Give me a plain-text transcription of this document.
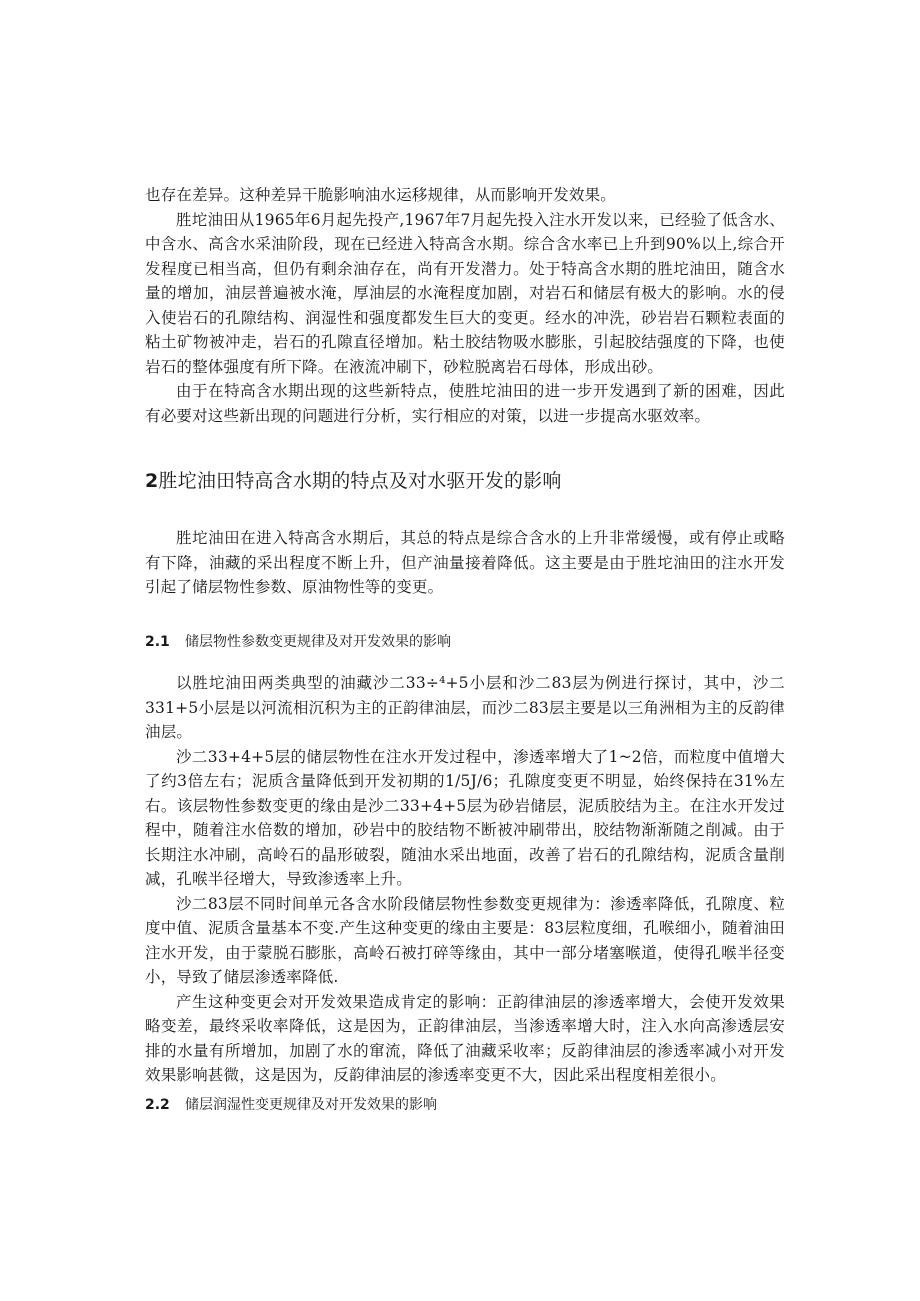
也存在差异。这种差异干脆影响油水运移规律，从而影响开发效果。

胜坨油田从1965年6月起先投产,1967年7月起先投入注水开发以来，已经验了低含水、中含水、高含水采油阶段，现在已经进入特高含水期。综合含水率已上升到90%以上,综合开发程度已相当高，但仍有剩余油存在，尚有开发潜力。处于特高含水期的胜坨油田，随含水量的增加，油层普遍被水淹，厚油层的水淹程度加剧，对岩石和储层有极大的影响。水的侵入使岩石的孔隙结构、润湿性和强度都发生巨大的变更。经水的冲洗，砂岩岩石颗粒表面的粘土矿物被冲走，岩石的孔隙直径增加。粘土胶结物吸水膨胀，引起胶结强度的下降，也使岩石的整体强度有所下降。在液流冲刷下，砂粒脱离岩石母体，形成出砂。

由于在特高含水期出现的这些新特点，使胜坨油田的进一步开发遇到了新的困难，因此有必要对这些新出现的问题进行分析，实行相应的对策，以进一步提高水驱效率。

2胜坨油田特高含水期的特点及对水驱开发的影响

胜坨油田在进入特高含水期后，其总的特点是综合含水的上升非常缓慢，或有停止或略有下降，油藏的采出程度不断上升，但产油量接着降低。这主要是由于胜坨油田的注水开发引起了储层物性参数、原油物性等的变更。

2.1	储层物性参数变更规律及对开发效果的影响

以胜坨油田两类典型的油藏沙二33÷⁴+5小层和沙二83层为例进行探讨，其中，沙二331+5小层是以河流相沉积为主的正韵律油层，而沙二83层主要是以三角洲相为主的反韵律油层。

沙二33+4+5层的储层物性在注水开发过程中，渗透率增大了1~2倍，而粒度中值增大了约3倍左右；泥质含量降低到开发初期的1/5J/6；孔隙度变更不明显，始终保持在31%左右。该层物性参数变更的缘由是沙二33+4+5层为砂岩储层，泥质胶结为主。在注水开发过程中，随着注水倍数的增加，砂岩中的胶结物不断被冲刷带出，胶结物渐渐随之削减。由于长期注水冲刷，高岭石的晶形破裂，随油水采出地面，改善了岩石的孔隙结构，泥质含量削减，孔喉半径增大，导致渗透率上升。

沙二83层不同时间单元各含水阶段储层物性参数变更规律为：渗透率降低，孔隙度、粒度中值、泥质含量基本不变.产生这种变更的缘由主要是：83层粒度细，孔喉细小，随着油田注水开发，由于蒙脱石膨胀，高岭石被打碎等缘由，其中一部分堵塞喉道，使得孔喉半径变小，导致了储层渗透率降低.

产生这种变更会对开发效果造成肯定的影响：正韵律油层的渗透率增大，会使开发效果略变差，最终采收率降低，这是因为，正韵律油层，当渗透率增大时，注入水向高渗透层安排的水量有所增加，加剧了水的窜流，降低了油藏采收率；反韵律油层的渗透率减小对开发效果影响甚微，这是因为，反韵律油层的渗透率变更不大，因此采出程度相差很小。

2.2	储层润湿性变更规律及对开发效果的影响
